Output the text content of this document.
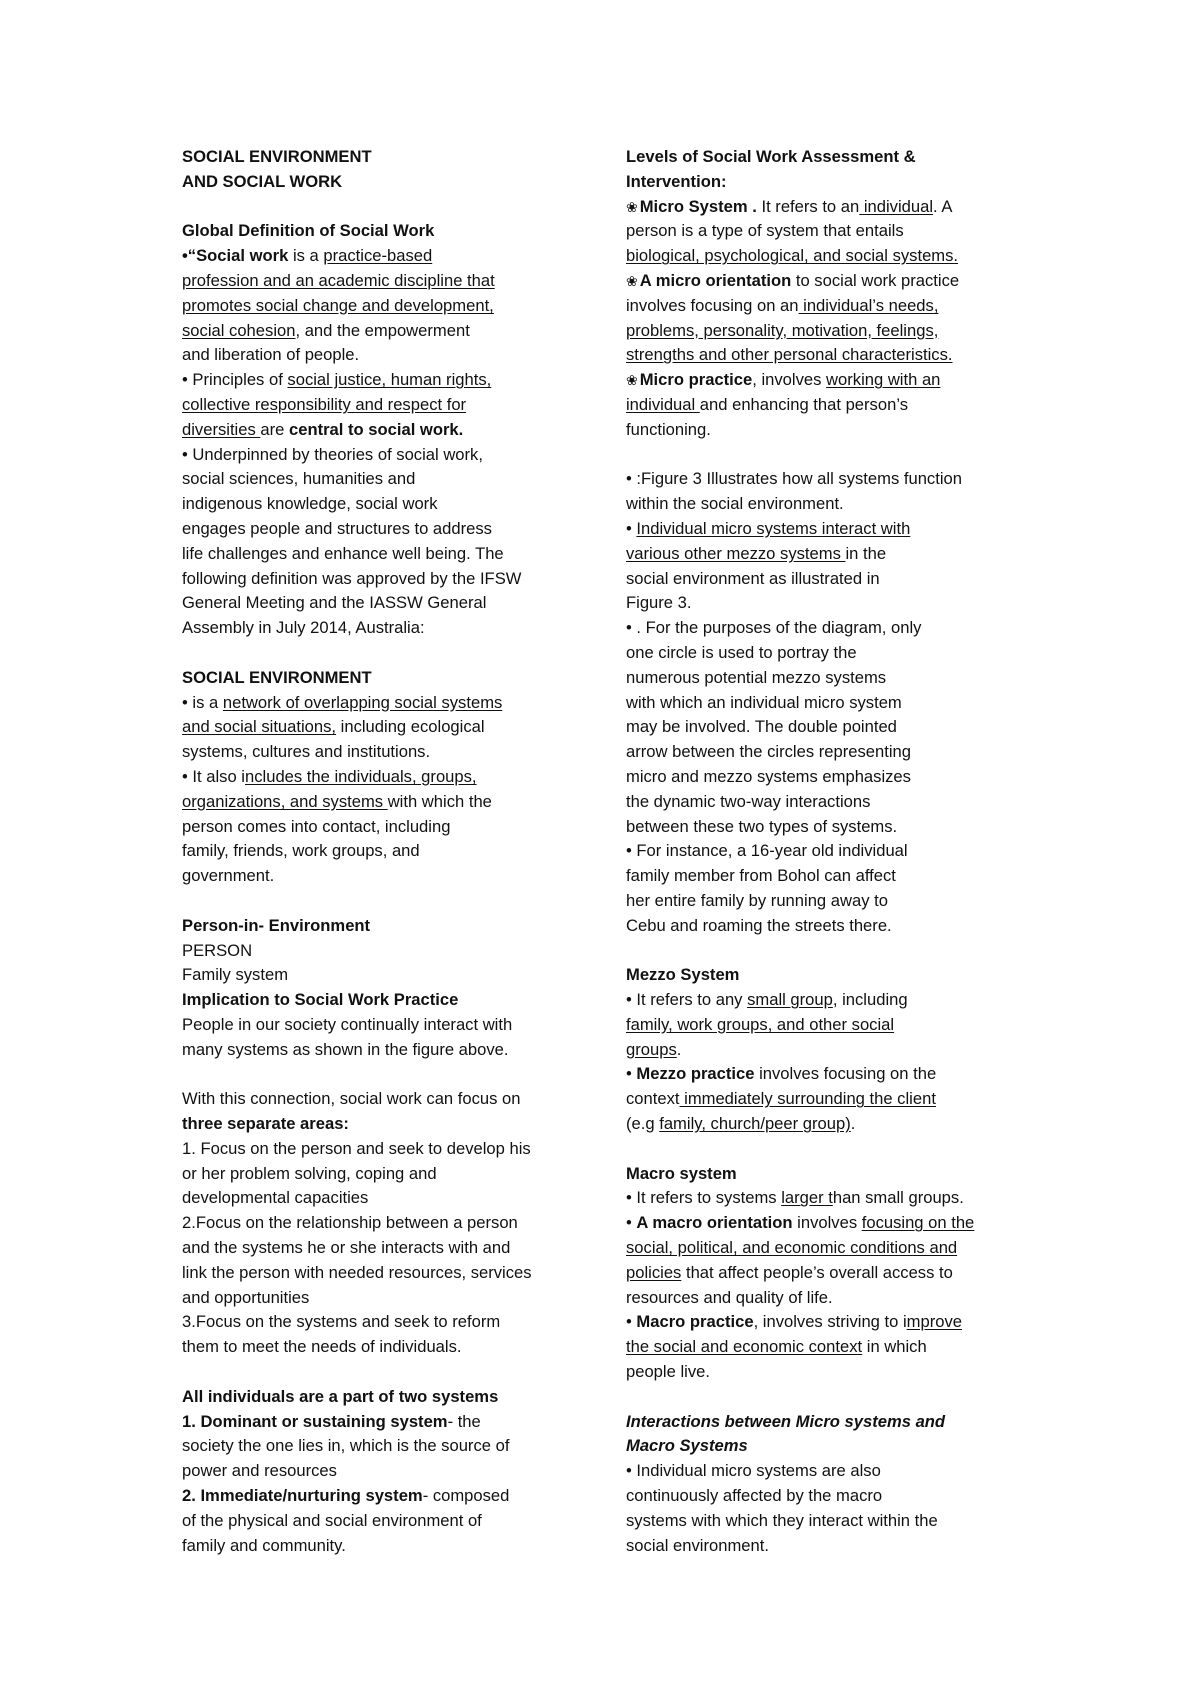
SOCIAL ENVIRONMENT
AND SOCIAL WORK
Global Definition of Social Work
•“Social work is a practice-based
profession and an academic discipline that
promotes social change and development,
social cohesion, and the empowerment
and liberation of people.
• Principles of social justice, human rights,
collective responsibility and respect for
diversities are central to social work.
• Underpinned by theories of social work,
social sciences, humanities and
indigenous knowledge, social work
engages people and structures to address
life challenges and enhance well being. The
following definition was approved by the IFSW
General Meeting and the IASSW General
Assembly in July 2014, Australia:
SOCIAL ENVIRONMENT
• is a network of overlapping social systems
and social situations, including ecological
systems, cultures and institutions.
• It also includes the individuals, groups,
organizations, and systems with which the
person comes into contact, including
family, friends, work groups, and
government.
Person-in- Environment
PERSON
Family system
Implication to Social Work Practice
People in our society continually interact with
many systems as shown in the figure above.
With this connection, social work can focus on
three separate areas:
1. Focus on the person and seek to develop his
or her problem solving, coping and
developmental capacities
2.Focus on the relationship between a person
and the systems he or she interacts with and
link the person with needed resources, services
and opportunities
3.Focus on the systems and seek to reform
them to meet the needs of individuals.
All individuals are a part of two systems
1. Dominant or sustaining system- the
society the one lies in, which is the source of
power and resources
2. Immediate/nurturing system- composed
of the physical and social environment of
family and community.
Levels of Social Work Assessment &
Intervention:
❀ Micro System . It refers to an individual. A
person is a type of system that entails
biological, psychological, and social systems.
❀ A micro orientation to social work practice
involves focusing on an individual’s needs,
problems, personality, motivation, feelings,
strengths and other personal characteristics.
❀ Micro practice, involves working with an
individual and enhancing that person’s
functioning.
• :Figure 3 Illustrates how all systems function
within the social environment.
• Individual micro systems interact with
various other mezzo systems in the
social environment as illustrated in
Figure 3.
• . For the purposes of the diagram, only
one circle is used to portray the
numerous potential mezzo systems
with which an individual micro system
may be involved. The double pointed
arrow between the circles representing
micro and mezzo systems emphasizes
the dynamic two-way interactions
between these two types of systems.
• For instance, a 16-year old individual
family member from Bohol can affect
her entire family by running away to
Cebu and roaming the streets there.
Mezzo System
• It refers to any small group, including
family, work groups, and other social
groups.
• Mezzo practice involves focusing on the
context immediately surrounding the client
(e.g family, church/peer group).
Macro system
• It refers to systems larger than small groups.
• A macro orientation involves focusing on the
social, political, and economic conditions and
policies that affect people’s overall access to
resources and quality of life.
• Macro practice, involves striving to improve
the social and economic context in which
people live.
Interactions between Micro systems and
Macro Systems
• Individual micro systems are also
continuously affected by the macro
systems with which they interact within the
social environment.
